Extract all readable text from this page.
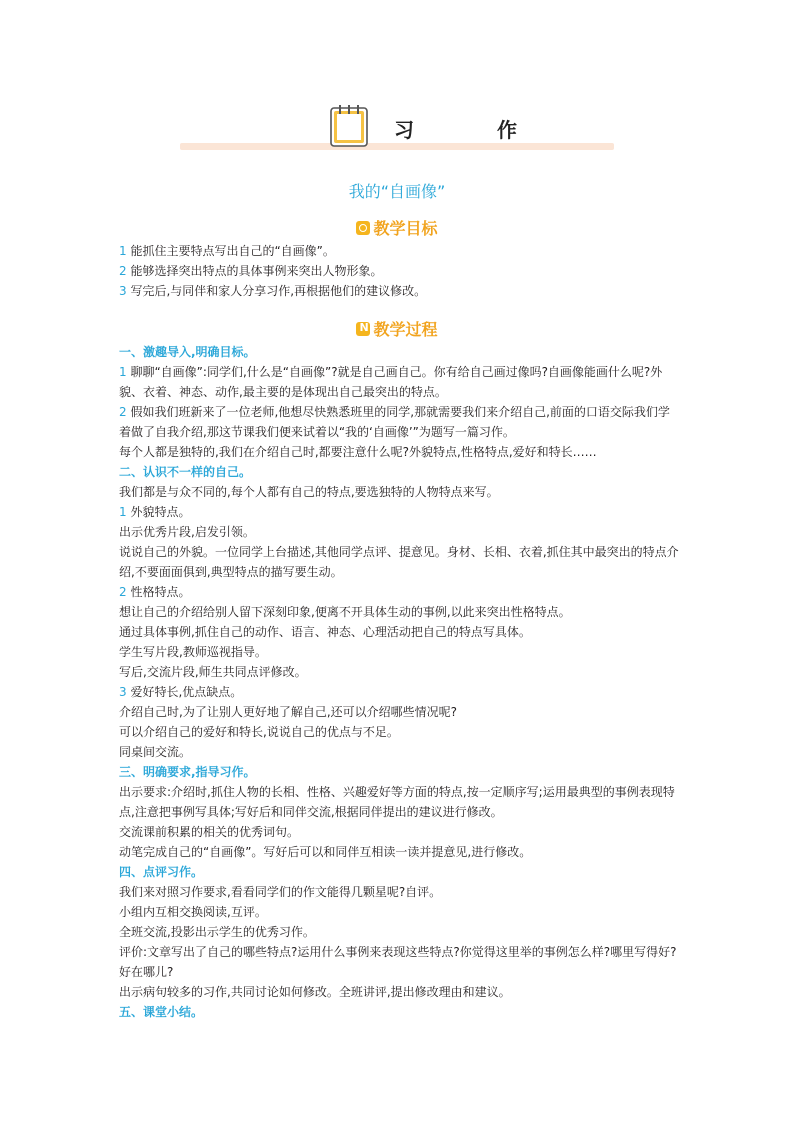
习 作
我的“自画像”
教学目标

1 能抓住主要特点写出自己的“自画像”。

2 能够选择突出特点的具体事例来突出人物形象。

3 写完后,与同伴和家人分享习作,再根据他们的建议修改。

N教学过程

一、激趣导入,明确目标。

1 聊聊“自画像”:同学们,什么是“自画像”?就是自己画自己。你有给自己画过像吗?自画像能画什么呢?外貌、衣着、神态、动作,最主要的是体现出自己最突出的特点。

2 假如我们班新来了一位老师,他想尽快熟悉班里的同学,那就需要我们来介绍自己,前面的口语交际我们学着做了自我介绍,那这节课我们便来试着以“我的‘自画像’”为题写一篇习作。

每个人都是独特的,我们在介绍自己时,都要注意什么呢?外貌特点,性格特点,爱好和特长……

二、认识不一样的自己。

我们都是与众不同的,每个人都有自己的特点,要选独特的人物特点来写。

1 外貌特点。

出示优秀片段,启发引领。

说说自己的外貌。一位同学上台描述,其他同学点评、提意见。身材、长相、衣着,抓住其中最突出的特点介绍,不要面面俱到,典型特点的描写要生动。

2 性格特点。

想让自己的介绍给别人留下深刻印象,便离不开具体生动的事例,以此来突出性格特点。

通过具体事例,抓住自己的动作、语言、神态、心理活动把自己的特点写具体。

学生写片段,教师巡视指导。

写后,交流片段,师生共同点评修改。

3 爱好特长,优点缺点。

介绍自己时,为了让别人更好地了解自己,还可以介绍哪些情况呢?

可以介绍自己的爱好和特长,说说自己的优点与不足。

同桌间交流。

三、明确要求,指导习作。

出示要求:介绍时,抓住人物的长相、性格、兴趣爱好等方面的特点,按一定顺序写;运用最典型的事例表现特点,注意把事例写具体;写好后和同伴交流,根据同伴提出的建议进行修改。

交流课前积累的相关的优秀词句。

动笔完成自己的“自画像”。写好后可以和同伴互相读一读并提意见,进行修改。

四、点评习作。

我们来对照习作要求,看看同学们的作文能得几颗星呢?自评。

小组内互相交换阅读,互评。

全班交流,投影出示学生的优秀习作。

评价:文章写出了自己的哪些特点?运用什么事例来表现这些特点?你觉得这里举的事例怎么样?哪里写得好?好在哪儿?

出示病句较多的习作,共同讨论如何修改。全班讲评,提出修改理由和建议。

五、课堂小结。
